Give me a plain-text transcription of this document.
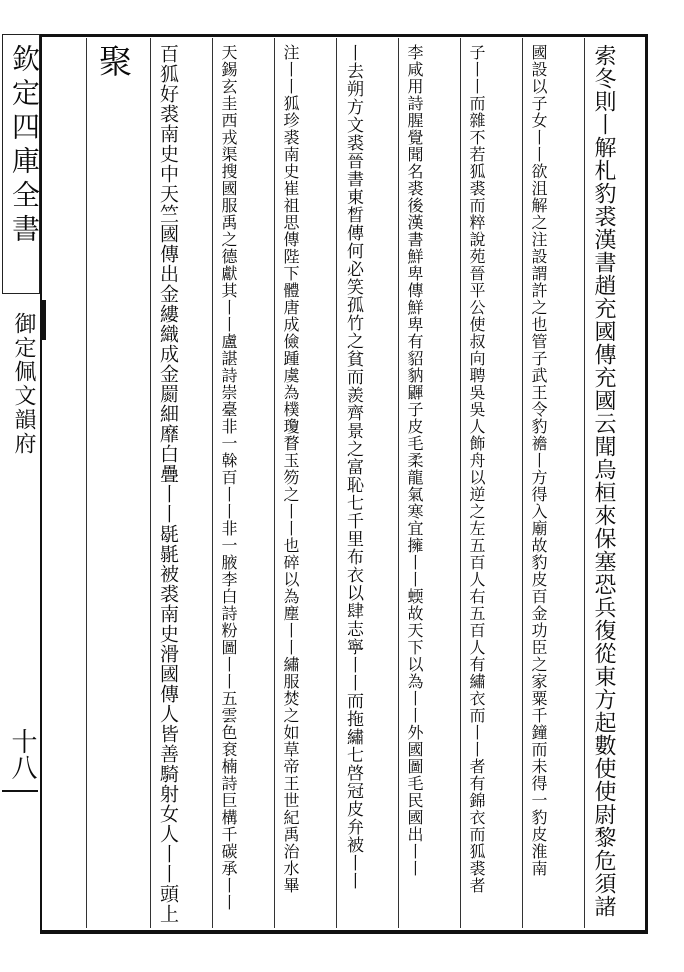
欽定四庫全書
御定佩文韻府
十八	索冬則丨解札豹裘漢書趙充國傳充國云聞烏桓來保塞恐兵復從東方起數使使尉黎危須諸
國設以子女丨丨欲沮解之注設謂許之也管子武王令豹襜丨方得入廟故豹皮百金功臣之家粟千鐘而未得一豹皮淮南
子丨丨而雜不若狐裘而粹說苑晉平公使叔向聘吳吳人飾舟以逆之左五百人右五百人有繡衣而丨丨者有錦衣而狐裘者
李咸用詩腥覺聞名裘後漢書鮮卑傳鮮卑有貂豽鼲子皮毛柔龍氣寒宜擁丨丨蝡故天下以為丨丨外國圖毛民國出丨丨
丨去朔方文裘晉書東晳傳何必笑孤竹之貧而羨齊景之富恥七千里布衣以肆志寧丨丨而拖繡七啓冠皮弁被丨丨
注丨丨狐珍裘南史崔祖思傳陛下體唐成儉踵虞為樸瓊瞀玉笏之丨丨也碎以為塵丨丨繡服焚之如草帝王世紀禹治水畢
天錫玄圭西戎渠搜國服禹之德獻其丨丨盧諶詩崇臺非一榦百丨丨非一腋李白詩粉圖丨丨五雲色袞楠詩巨構千碳承丨丨
百狐好裘南史中天竺國傳出金縷織成金罽細靡白疊丨丨毼毾被裘南史滑國傳人皆善騎射女人丨丨頭上
聚
